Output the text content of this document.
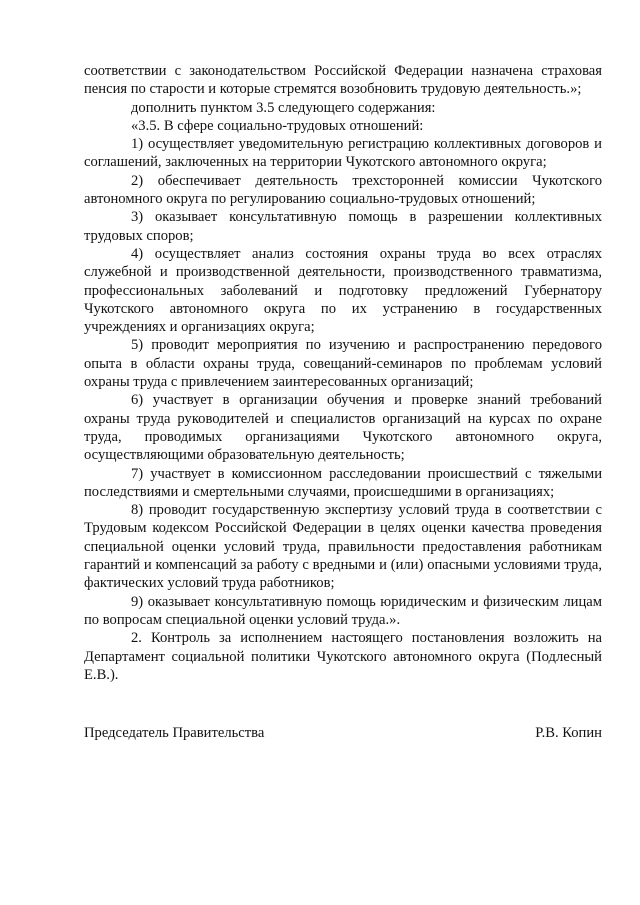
соответствии с законодательством Российской Федерации назначена страховая пенсия по старости и которые стремятся возобновить трудовую деятельность.»;

дополнить пунктом 3.5 следующего содержания:

«3.5. В сфере социально-трудовых отношений:

1) осуществляет уведомительную регистрацию коллективных договоров и соглашений, заключенных на территории Чукотского автономного округа;

2) обеспечивает деятельность трехсторонней комиссии Чукотского автономного округа по регулированию социально-трудовых отношений;

3) оказывает консультативную помощь в разрешении коллективных трудовых споров;

4) осуществляет анализ состояния охраны труда во всех отраслях служебной и производственной деятельности, производственного травматизма, профессиональных заболеваний и подготовку предложений Губернатору Чукотского автономного округа по их устранению в государственных учреждениях и организациях округа;

5) проводит мероприятия по изучению и распространению передового опыта в области охраны труда, совещаний-семинаров по проблемам условий охраны труда с привлечением заинтересованных организаций;

6) участвует в организации обучения и проверке знаний требований охраны труда руководителей и специалистов организаций на курсах по охране труда, проводимых организациями Чукотского автономного округа, осуществляющими образовательную деятельность;

7) участвует в комиссионном расследовании происшествий с тяжелыми последствиями и смертельными случаями, происшедшими в организациях;

8) проводит государственную экспертизу условий труда в соответствии с Трудовым кодексом Российской Федерации в целях оценки качества проведения специальной оценки условий труда, правильности предоставления работникам гарантий и компенсаций за работу с вредными и (или) опасными условиями труда, фактических условий труда работников;

9) оказывает консультативную помощь юридическим и физическим лицам по вопросам специальной оценки условий труда.».

2. Контроль за исполнением настоящего постановления возложить на Департамент социальной политики Чукотского автономного округа (Подлесный Е.В.).

Председатель Правительства	Р.В. Копин
